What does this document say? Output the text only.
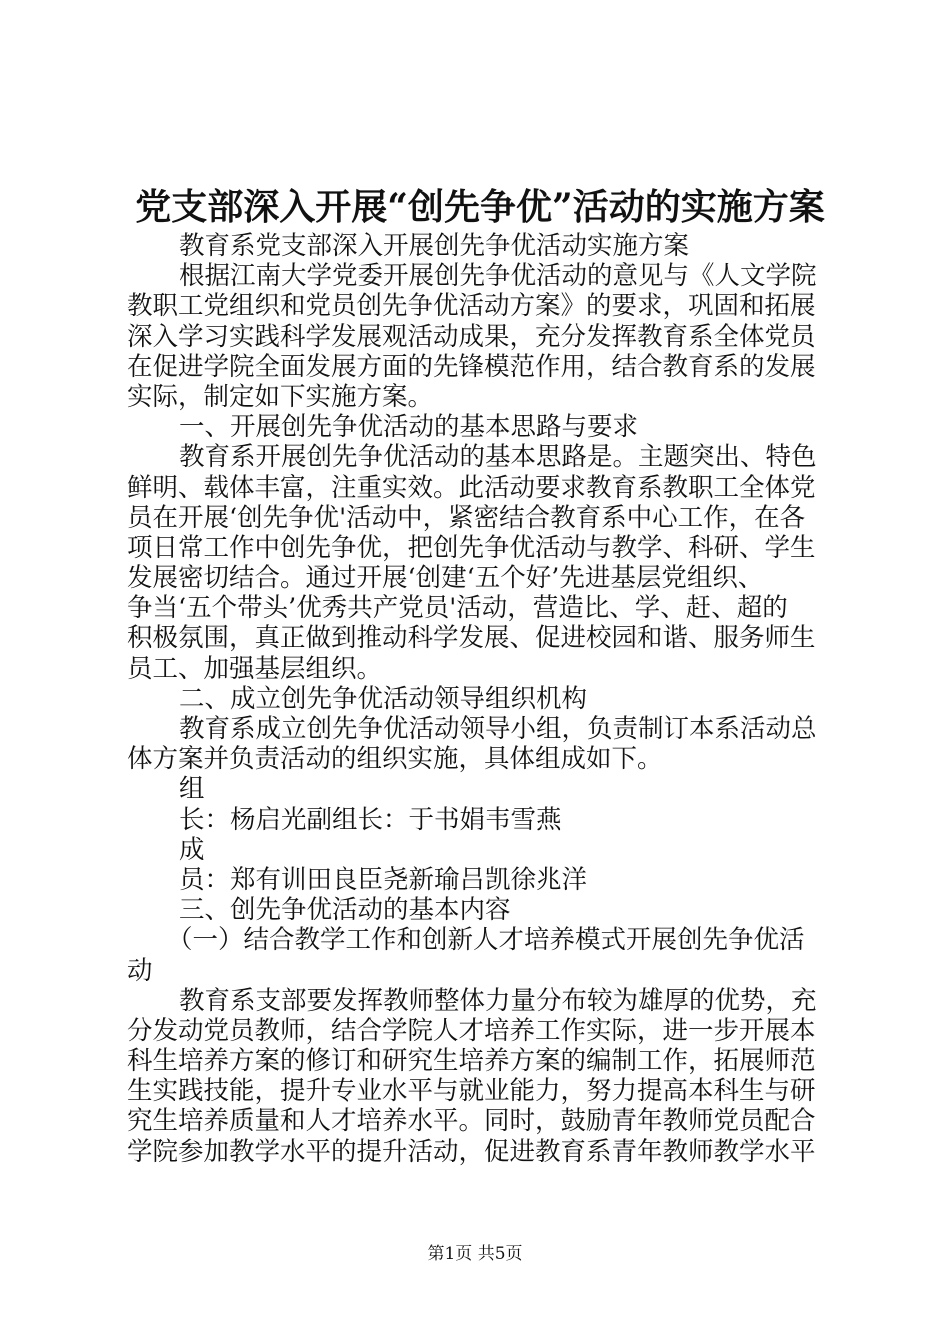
党支部深入开展“创先争优”活动的实施方案
教育系党支部深入开展创先争优活动实施方案
根据江南大学党委开展创先争优活动的意见与《人文学院
教职工党组织和党员创先争优活动方案》的要求，巩固和拓展
深入学习实践科学发展观活动成果，充分发挥教育系全体党员
在促进学院全面发展方面的先锋模范作用，结合教育系的发展
实际，制定如下实施方案。
一、开展创先争优活动的基本思路与要求
教育系开展创先争优活动的基本思路是。主题突出、特色
鲜明、载体丰富，注重实效。此活动要求教育系教职工全体党
员在开展‘创先争优'活动中，紧密结合教育系中心工作，在各
项日常工作中创先争优，把创先争优活动与教学、科研、学生
发展密切结合。通过开展‘创建‘五个好’先进基层党组织、
争当‘五个带头’优秀共产党员'活动，营造比、学、赶、超的
积极氛围，真正做到推动科学发展、促进校园和谐、服务师生
员工、加强基层组织。
二、成立创先争优活动领导组织机构
教育系成立创先争优活动领导小组，负责制订本系活动总
体方案并负责活动的组织实施，具体组成如下。
组
长：杨启光副组长：于书娟韦雪燕
成
员：郑有训田良臣尧新瑜吕凯徐兆洋
三、创先争优活动的基本内容
（一）结合教学工作和创新人才培养模式开展创先争优活
动
教育系支部要发挥教师整体力量分布较为雄厚的优势，充
分发动党员教师，结合学院人才培养工作实际，进一步开展本
科生培养方案的修订和研究生培养方案的编制工作，拓展师范
生实践技能，提升专业水平与就业能力，努力提高本科生与研
究生培养质量和人才培养水平。同时，鼓励青年教师党员配合
学院参加教学水平的提升活动，促进教育系青年教师教学水平
第1页 共5页
